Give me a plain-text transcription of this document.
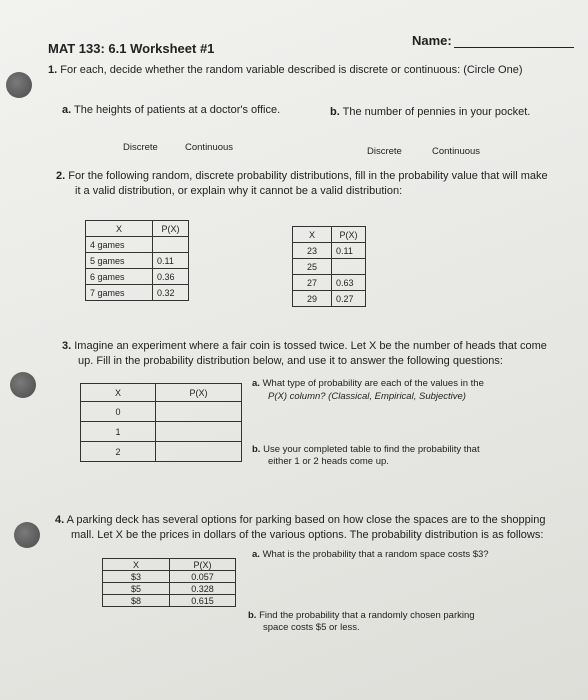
MAT 133: 6.1 Worksheet #1
Name:
1. For each, decide whether the random variable described is discrete or continuous: (Circle One)
a. The heights of patients at a doctor's office.	b. The number of pennies in your pocket.
Discrete	Continuous	Discrete	Continuous
2. For the following random, discrete probability distributions, fill in the probability value that will make
it a valid distribution, or explain why it cannot be a valid distribution:
X	P(X)
4 games	
5 games	0.11
6 games	0.36
7 games	0.32
X	P(X)
23	0.11
25	
27	0.63
29	0.27
3. Imagine an experiment where a fair coin is tossed twice. Let X be the number of heads that come
up. Fill in the probability distribution below, and use it to answer the following questions:
X	P(X)
0	
1	
2	
a. What type of probability are each of the values in the
P(X) column? (Classical, Empirical, Subjective)
b. Use your completed table to find the probability that
either 1 or 2 heads come up.
4. A parking deck has several options for parking based on how close the spaces are to the shopping
mall. Let X be the prices in dollars of the various options. The probability distribution is as follows:
a. What is the probability that a random space costs $3?
X	P(X)
$3	0.057
$5	0.328
$8	0.615
b. Find the probability that a randomly chosen parking
space costs $5 or less.
